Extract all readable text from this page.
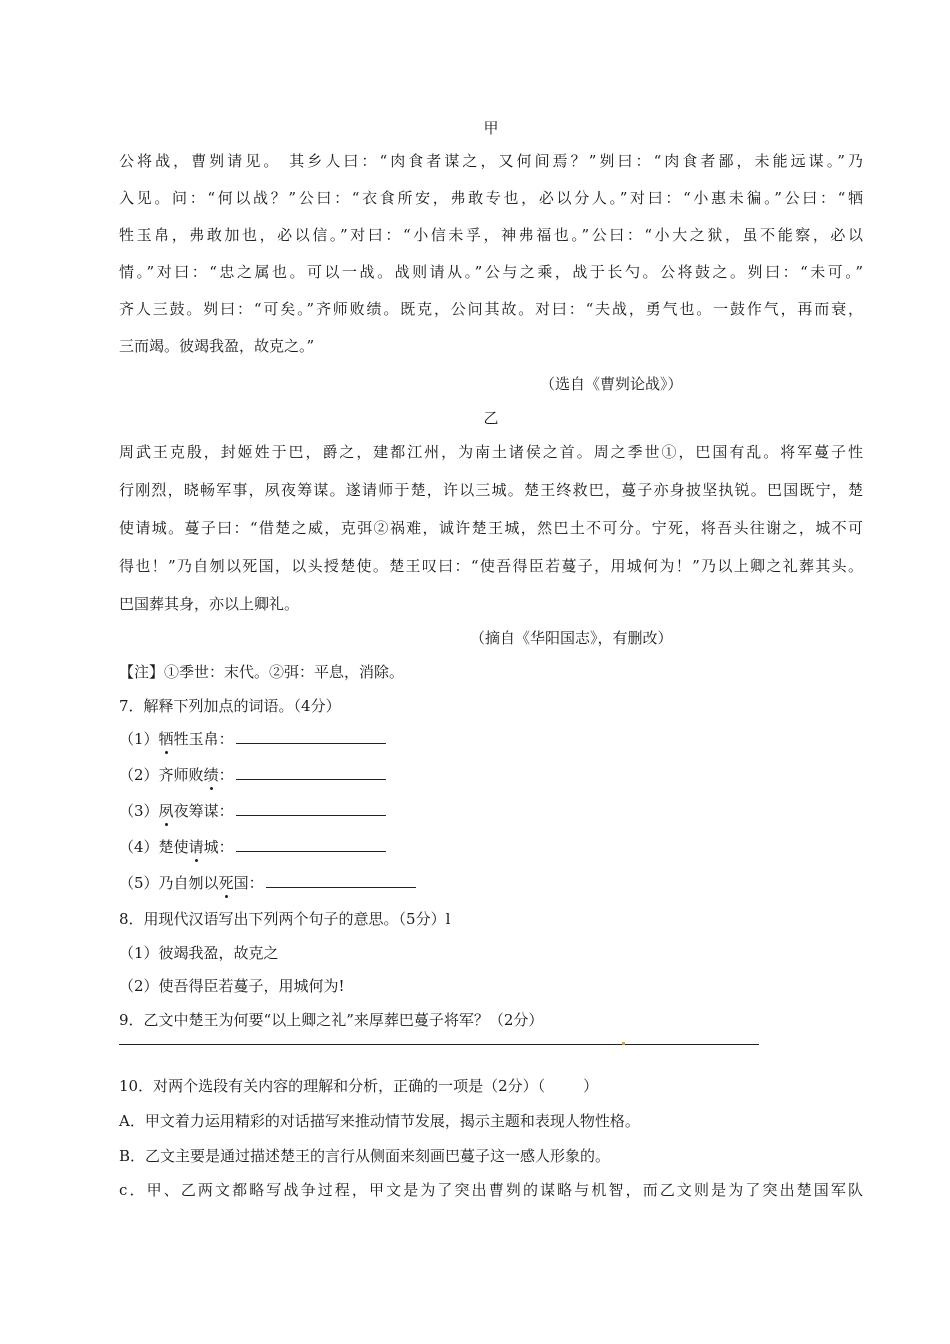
甲
公将战，曹刿请见。 其乡人曰：“肉食者谋之，又何间焉？”刿曰：“肉食者鄙，未能远谋。”乃
入见。问：“何以战？”公曰：“衣食所安，弗敢专也，必以分人。”对曰：“小惠未徧。”公曰：“牺
牲玉帛，弗敢加也，必以信。”对曰：“小信未孚，神弗福也。”公曰：“小大之狱，虽不能察，必以
情。”对曰：“忠之属也。可以一战。战则请从。”公与之乘，战于长勺。公将鼓之。刿曰：“未可。”
齐人三鼓。刿曰：“可矣。”齐师败绩。既克，公问其故。对曰：“夫战，勇气也。一鼓作气，再而衰，
三而竭。彼竭我盈，故克之。”
（选自《曹刿论战》）
乙
周武王克殷，封姬姓于巴，爵之，建都江州，为南土诸侯之首。周之季世①，巴国有乱。将军蔓子性
行刚烈，晓畅军事，夙夜筹谋。遂请师于楚，许以三城。楚王终救巴，蔓子亦身披坚执锐。巴国既宁，楚
使请城。蔓子曰：“借楚之威，克弭②祸难，诚许楚王城，然巴土不可分。宁死，将吾头往谢之，城不可
得也！”乃自刎以死国，以头授楚使。楚王叹曰：“使吾得臣若蔓子，用城何为！”乃以上卿之礼葬其头。
巴国葬其身，亦以上卿礼。
（摘自《华阳国志》，有删改）
【注】①季世：末代。②弭：平息，消除。
7．解释下列加点的词语。（4分）
（1）牺牲玉帛：
（2）齐师败绩：
（3）夙夜筹谋：
（4）楚使请城：
（5）乃自刎以死国：
8．用现代汉语写出下列两个句子的意思。（5分）l
（1）彼竭我盈，故克之
（2）使吾得臣若蔓子，用城何为!
9．乙文中楚王为何要“以上卿之礼”来厚葬巴蔓子将军？（2分）
10．对两个选段有关内容的理解和分析，正确的一项是（2分）（	）
A．甲文着力运用精彩的对话描写来推动情节发展，揭示主题和表现人物性格。
B．乙文主要是通过描述楚王的言行从侧面来刻画巴蔓子这一感人形象的。
c．甲、乙两文都略写战争过程，甲文是为了突出曹刿的谋略与机智，而乙文则是为了突出楚国军队
